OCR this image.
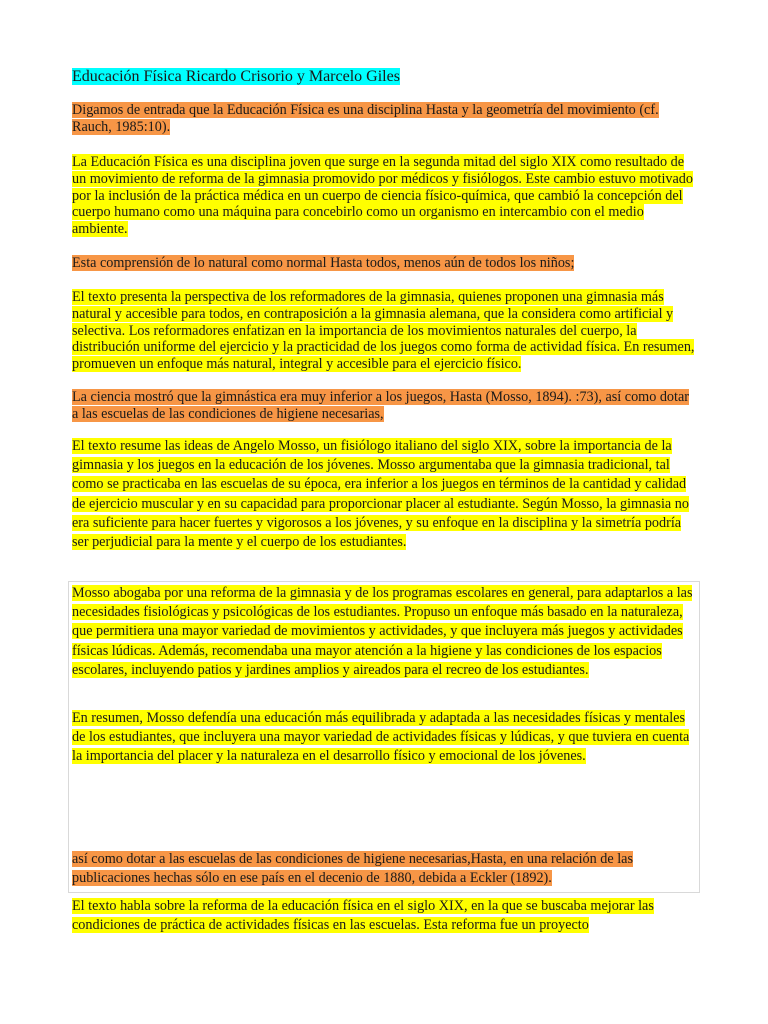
Educación Física Ricardo Crisorio y Marcelo Giles
Digamos de entrada que la Educación Física es una disciplina Hasta y la geometría del movimiento (cf. Rauch, 1985:10).
La Educación Física es una disciplina joven que surge en la segunda mitad del siglo XIX como resultado de un movimiento de reforma de la gimnasia promovido por médicos y fisiólogos. Este cambio estuvo motivado por la inclusión de la práctica médica en un cuerpo de ciencia físico-química, que cambió la concepción del cuerpo humano como una máquina para concebirlo como un organismo en intercambio con el medio ambiente.
Esta comprensión de lo natural como normal Hasta todos, menos aún de todos los niños;
El texto presenta la perspectiva de los reformadores de la gimnasia, quienes proponen una gimnasia más natural y accesible para todos, en contraposición a la gimnasia alemana, que la considera como artificial y selectiva. Los reformadores enfatizan en la importancia de los movimientos naturales del cuerpo, la distribución uniforme del ejercicio y la practicidad de los juegos como forma de actividad física. En resumen, promueven un enfoque más natural, integral y accesible para el ejercicio físico.
La ciencia mostró que la gimnástica era muy inferior a los juegos, Hasta (Mosso, 1894). :73), así como dotar a las escuelas de las condiciones de higiene necesarias,
El texto resume las ideas de Angelo Mosso, un fisiólogo italiano del siglo XIX, sobre la importancia de la gimnasia y los juegos en la educación de los jóvenes. Mosso argumentaba que la gimnasia tradicional, tal como se practicaba en las escuelas de su época, era inferior a los juegos en términos de la cantidad y calidad de ejercicio muscular y en su capacidad para proporcionar placer al estudiante. Según Mosso, la gimnasia no era suficiente para hacer fuertes y vigorosos a los jóvenes, y su enfoque en la disciplina y la simetría podría ser perjudicial para la mente y el cuerpo de los estudiantes.
Mosso abogaba por una reforma de la gimnasia y de los programas escolares en general, para adaptarlos a las necesidades fisiológicas y psicológicas de los estudiantes. Propuso un enfoque más basado en la naturaleza, que permitiera una mayor variedad de movimientos y actividades, y que incluyera más juegos y actividades físicas lúdicas. Además, recomendaba una mayor atención a la higiene y las condiciones de los espacios escolares, incluyendo patios y jardines amplios y aireados para el recreo de los estudiantes.
En resumen, Mosso defendía una educación más equilibrada y adaptada a las necesidades físicas y mentales de los estudiantes, que incluyera una mayor variedad de actividades físicas y lúdicas, y que tuviera en cuenta la importancia del placer y la naturaleza en el desarrollo físico y emocional de los jóvenes.
así como dotar a las escuelas de las condiciones de higiene necesarias,Hasta, en una relación de las publicaciones hechas sólo en ese país en el decenio de 1880, debida a Eckler (1892).
El texto habla sobre la reforma de la educación física en el siglo XIX, en la que se buscaba mejorar las condiciones de práctica de actividades físicas en las escuelas. Esta reforma fue un proyecto
